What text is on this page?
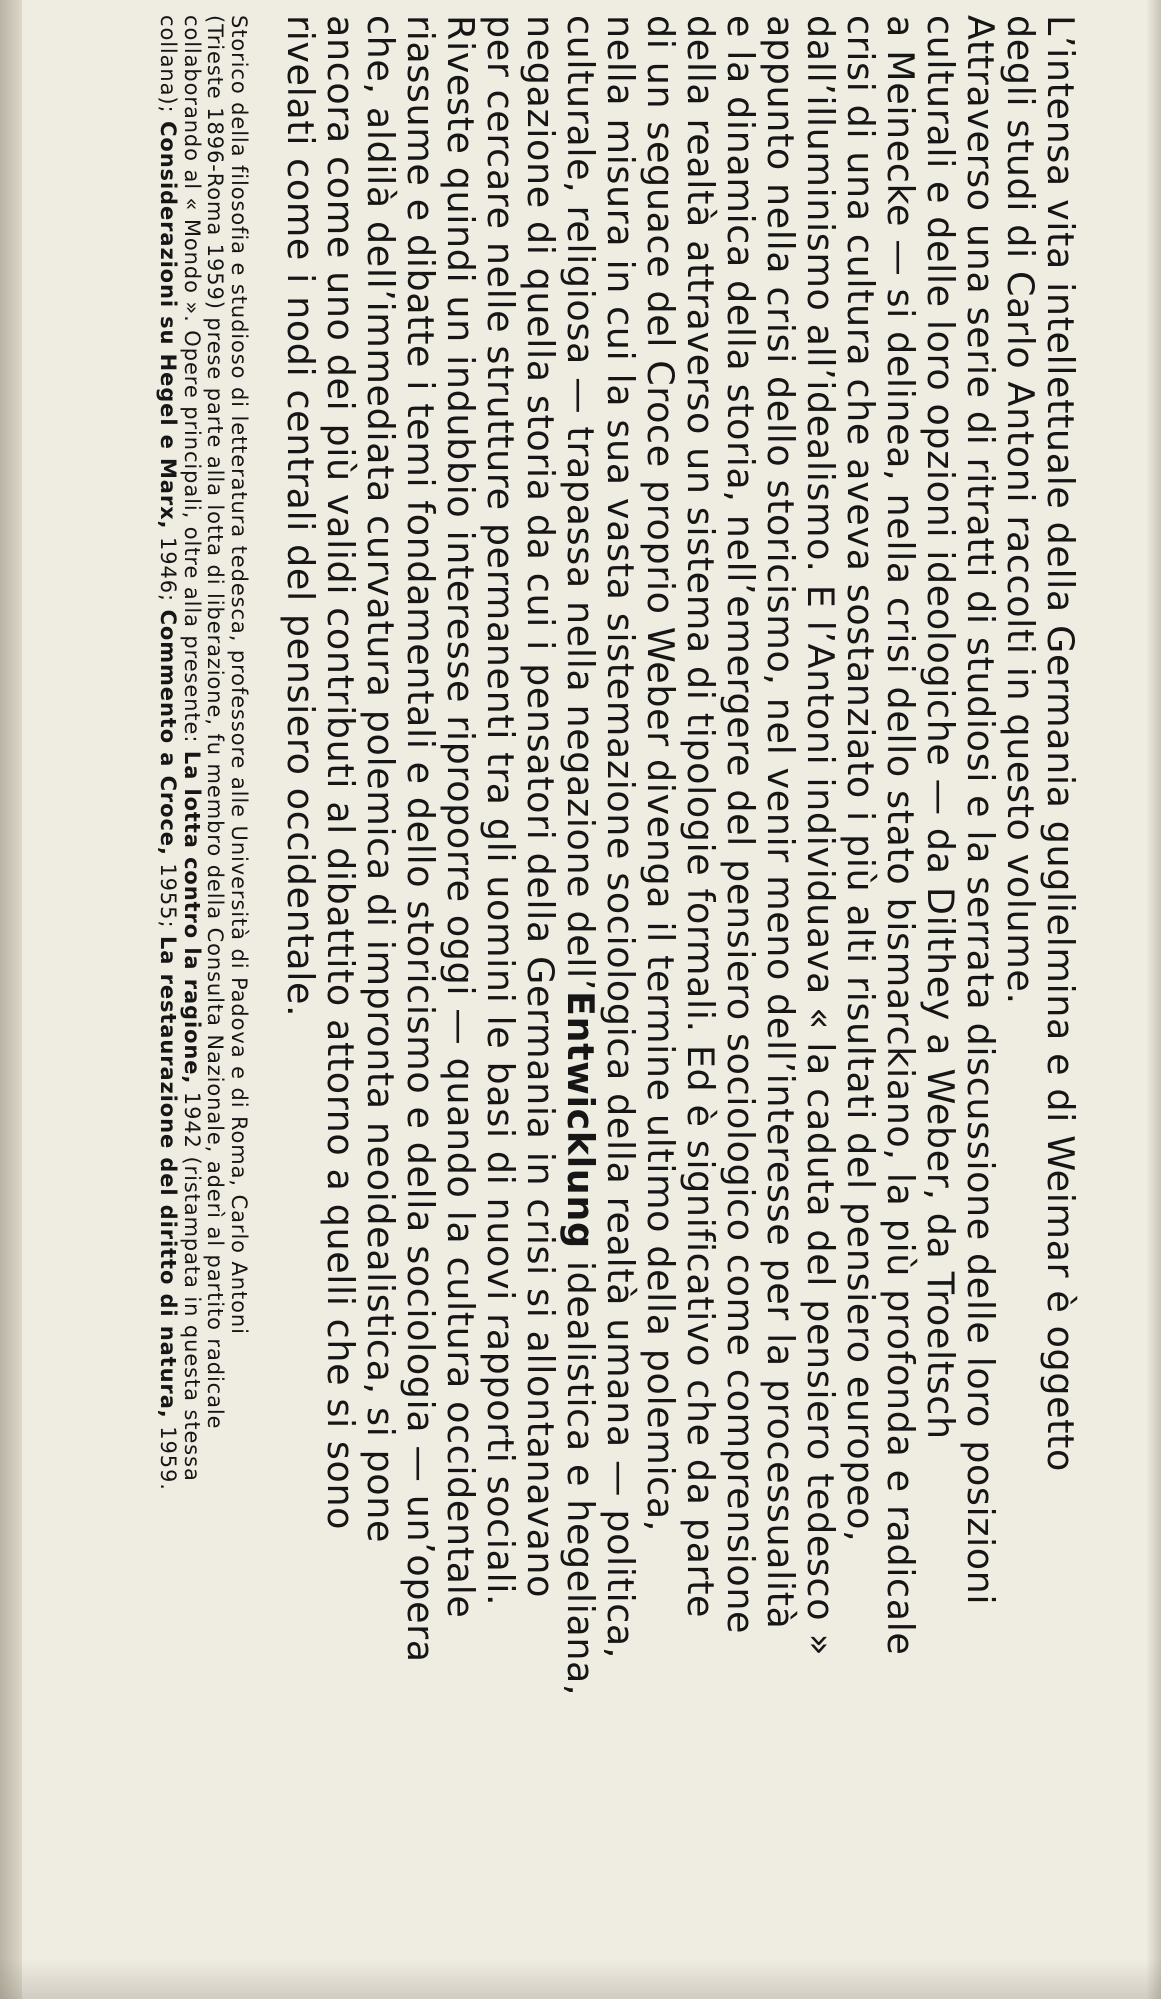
L’intensa vita intellettuale della Germania guglielmina e di Weimar è oggetto
degli studi di Carlo Antoni raccolti in questo volume.
Attraverso una serie di ritratti di studiosi e la serrata discussione delle loro posizioni
culturali e delle loro opzioni ideologiche — da Dilthey a Weber, da Troeltsch
a Meinecke — si delinea, nella crisi dello stato bismarckiano, la più profonda e radicale
crisi di una cultura che aveva sostanziato i più alti risultati del pensiero europeo,
dall’illuminismo all’idealismo. E l’Antoni individuava « la caduta del pensiero tedesco »
appunto nella crisi dello storicismo, nel venir meno dell’interesse per la processualità
e la dinamica della storia, nell’emergere del pensiero sociologico come comprensione
della realtà attraverso un sistema di tipologie formali. Ed è significativo che da parte
di un seguace del Croce proprio Weber divenga il termine ultimo della polemica,
nella misura in cui la sua vasta sistemazione sociologica della realtà umana — politica,
culturale, religiosa — trapassa nella negazione dell’Entwicklung idealistica e hegeliana,
negazione di quella storia da cui i pensatori della Germania in crisi si allontanavano
per cercare nelle strutture permanenti tra gli uomini le basi di nuovi rapporti sociali.
Riveste quindi un indubbio interesse riproporre oggi — quando la cultura occidentale
riassume e dibatte i temi fondamentali e dello storicismo e della sociologia — un’opera
che, aldilà dell’immediata curvatura polemica di impronta neoidealistica, si pone
ancora come uno dei più validi contributi al dibattito attorno a quelli che si sono
rivelati come i nodi centrali del pensiero occidentale.

Storico della filosofia e studioso di letteratura tedesca, professore alle Università di Padova e di Roma, Carlo Antoni
(Trieste 1896-Roma 1959) prese parte alla lotta di liberazione, fu membro della Consulta Nazionale, aderì al partito radicale
collaborando al « Mondo ». Opere principali, oltre alla presente: La lotta contro la ragione, 1942 (ristampata in questa stessa
collana); Considerazioni su Hegel e Marx, 1946; Commento a Croce, 1955; La restaurazione del diritto di natura, 1959.
